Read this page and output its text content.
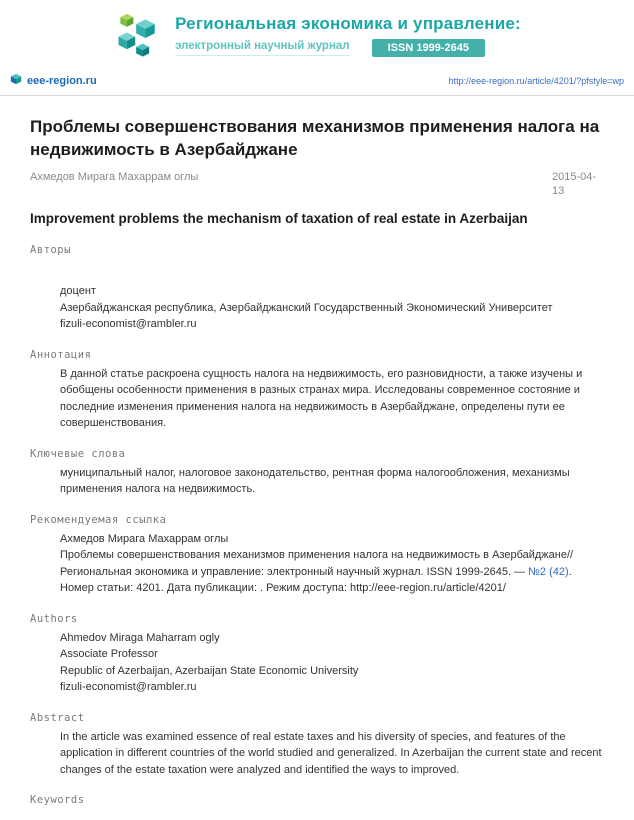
Региональная экономика и управление:
электронный научный журнал	ISSN 1999-2645
eee-region.ru	http://eee-region.ru/article/4201/?pfstyle=wp
Проблемы совершенствования механизмов применения налога на недвижимость в Азербайджане
Ахмедов Мирага Махаррам оглы	2015-04-13
Improvement problems the mechanism of taxation of real estate in Azerbaijan
Авторы
доцент
Азербайджанская республика, Азербайджанский Государственный Экономический Университет
fizuli-economist@rambler.ru
Аннотация
В данной статье раскроена сущность налога на недвижимость, его разновидности, а также изучены и обобщены особенности применения в разных странах мира. Исследованы современное состояние и последние изменения применения налога на недвижимость в Азербайджане, определены пути ее совершенствования.
Ключевые слова
муниципальный налог, налоговое законодательство, рентная форма налогообложения, механизмы применения налога на недвижимость.
Рекомендуемая ссылка
Ахмедов Мирага Махаррам оглы
Проблемы совершенствования механизмов применения налога на недвижимость в Азербайджане// Региональная экономика и управление: электронный научный журнал. ISSN 1999-2645. — №2 (42). Номер статьи: 4201. Дата публикации: . Режим доступа: http://eee-region.ru/article/4201/
Authors
Ahmedov Miraga Maharram ogly
Associate Professor
Republic of Azerbaijan, Azerbaijan State Economic University
fizuli-economist@rambler.ru
Abstract
In the article was examined essence of real estate taxes and his diversity of species, and features of the application in different countries of the world studied and generalized. In Azerbaijan the current state and recent changes of the estate taxation were analyzed and identified the ways to improved.
Keywords
